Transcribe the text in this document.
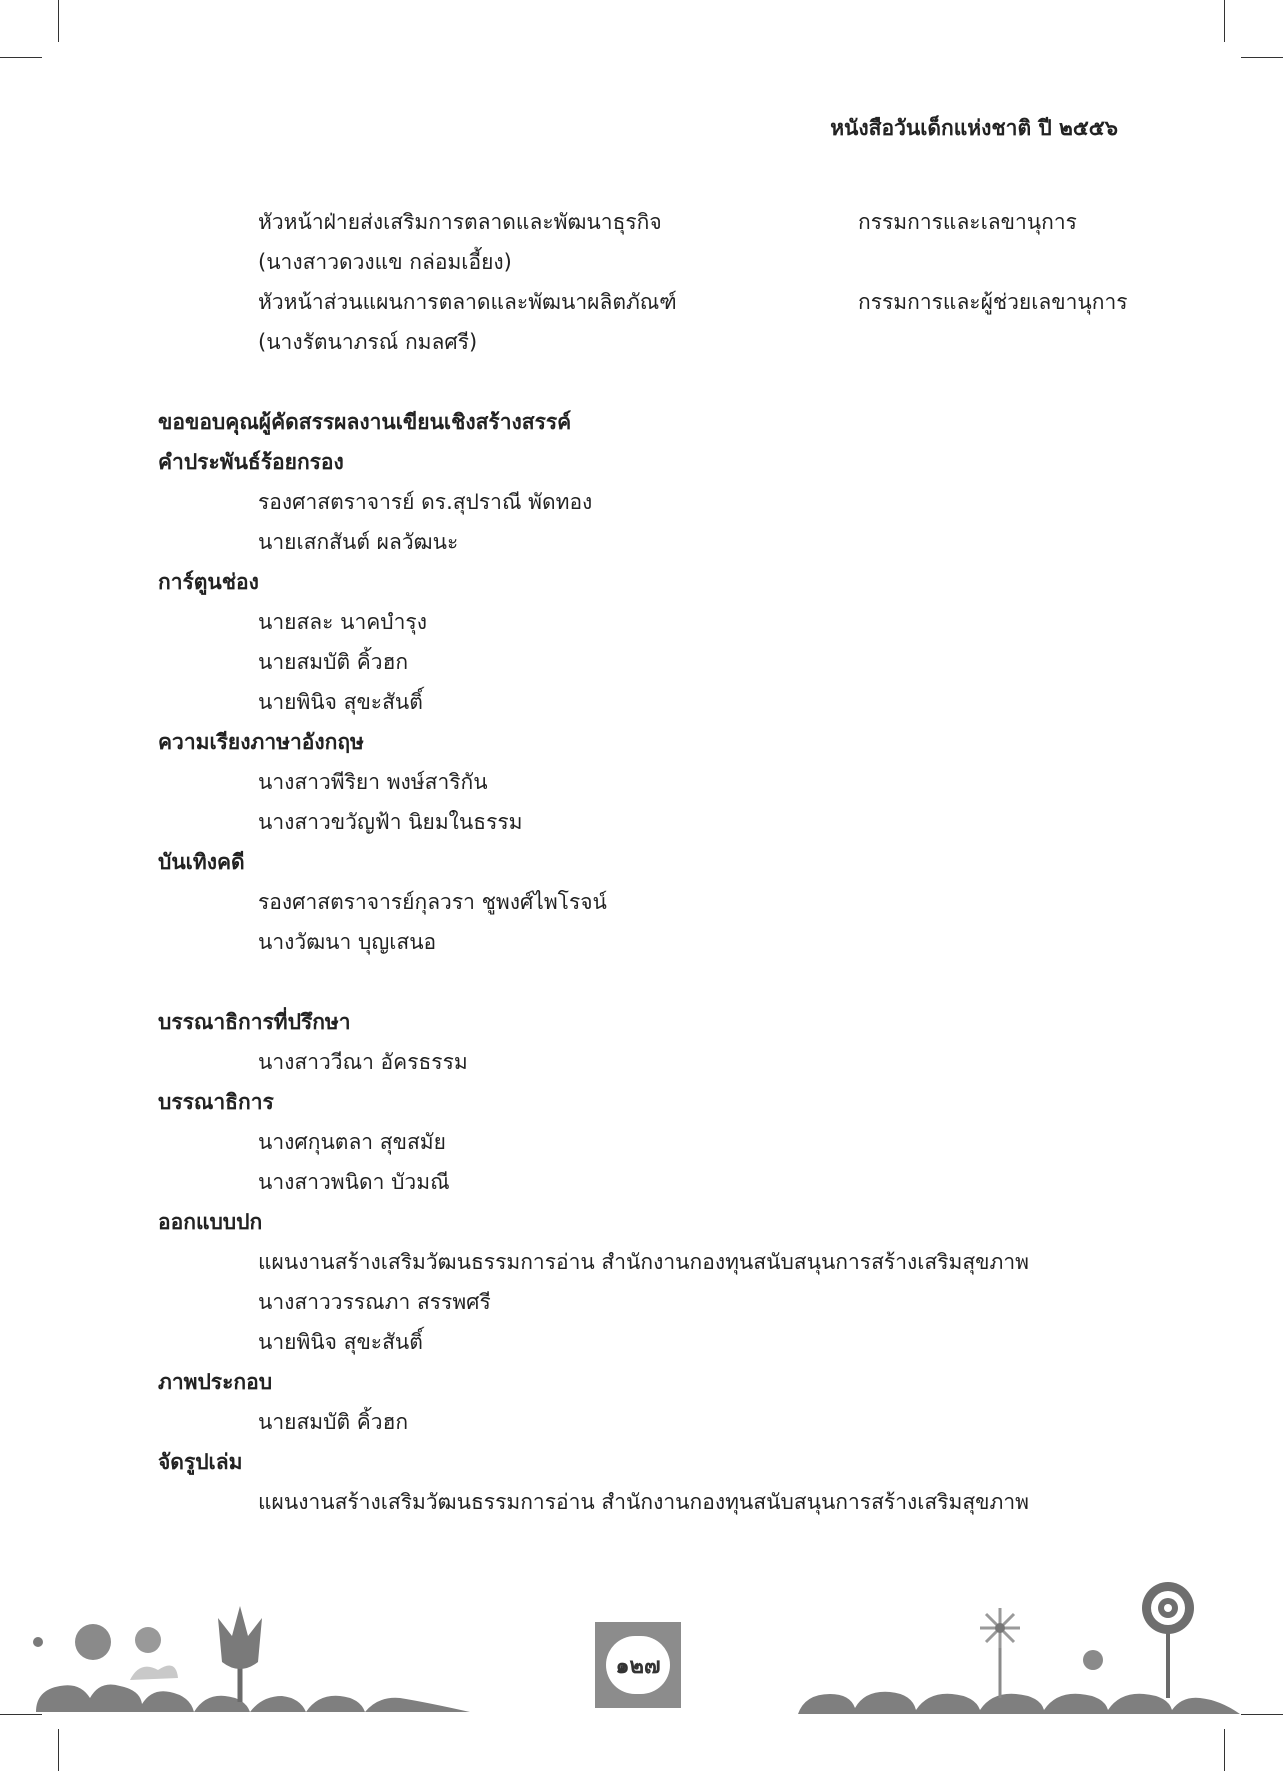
หนังสือวันเด็กแห่งชาติ ปี ๒๕๕๖
หัวหน้าฝ่ายส่งเสริมการตลาดและพัฒนาธุรกิจ	กรรมการและเลขานุการ
(นางสาวดวงแข กล่อมเอี้ยง)
หัวหน้าส่วนแผนการตลาดและพัฒนาผลิตภัณฑ์	กรรมการและผู้ช่วยเลขานุการ
(นางรัตนาภรณ์ กมลศรี)
ขอขอบคุณผู้คัดสรรผลงานเขียนเชิงสร้างสรรค์
คำประพันธ์ร้อยกรอง
รองศาสตราจารย์ ดร.สุปราณี พัดทอง
นายเสกสันต์ ผลวัฒนะ
การ์ตูนช่อง
นายสละ นาคบำรุง
นายสมบัติ คิ้วฮก
นายพินิจ สุขะสันติ์
ความเรียงภาษาอังกฤษ
นางสาวพีริยา พงษ์สาริกัน
นางสาวขวัญฟ้า นิยมในธรรม
บันเทิงคดี
รองศาสตราจารย์กุลวรา ชูพงศ์ไพโรจน์
นางวัฒนา บุญเสนอ
บรรณาธิการที่ปรึกษา
นางสาววีณา อัครธรรม
บรรณาธิการ
นางศกุนตลา สุขสมัย
นางสาวพนิดา บัวมณี
ออกแบบปก
แผนงานสร้างเสริมวัฒนธรรมการอ่าน สำนักงานกองทุนสนับสนุนการสร้างเสริมสุขภาพ
นางสาววรรณภา สรรพศรี
นายพินิจ สุขะสันติ์
ภาพประกอบ
นายสมบัติ คิ้วฮก
จัดรูปเล่ม
แผนงานสร้างเสริมวัฒนธรรมการอ่าน สำนักงานกองทุนสนับสนุนการสร้างเสริมสุขภาพ
๑๒๗
